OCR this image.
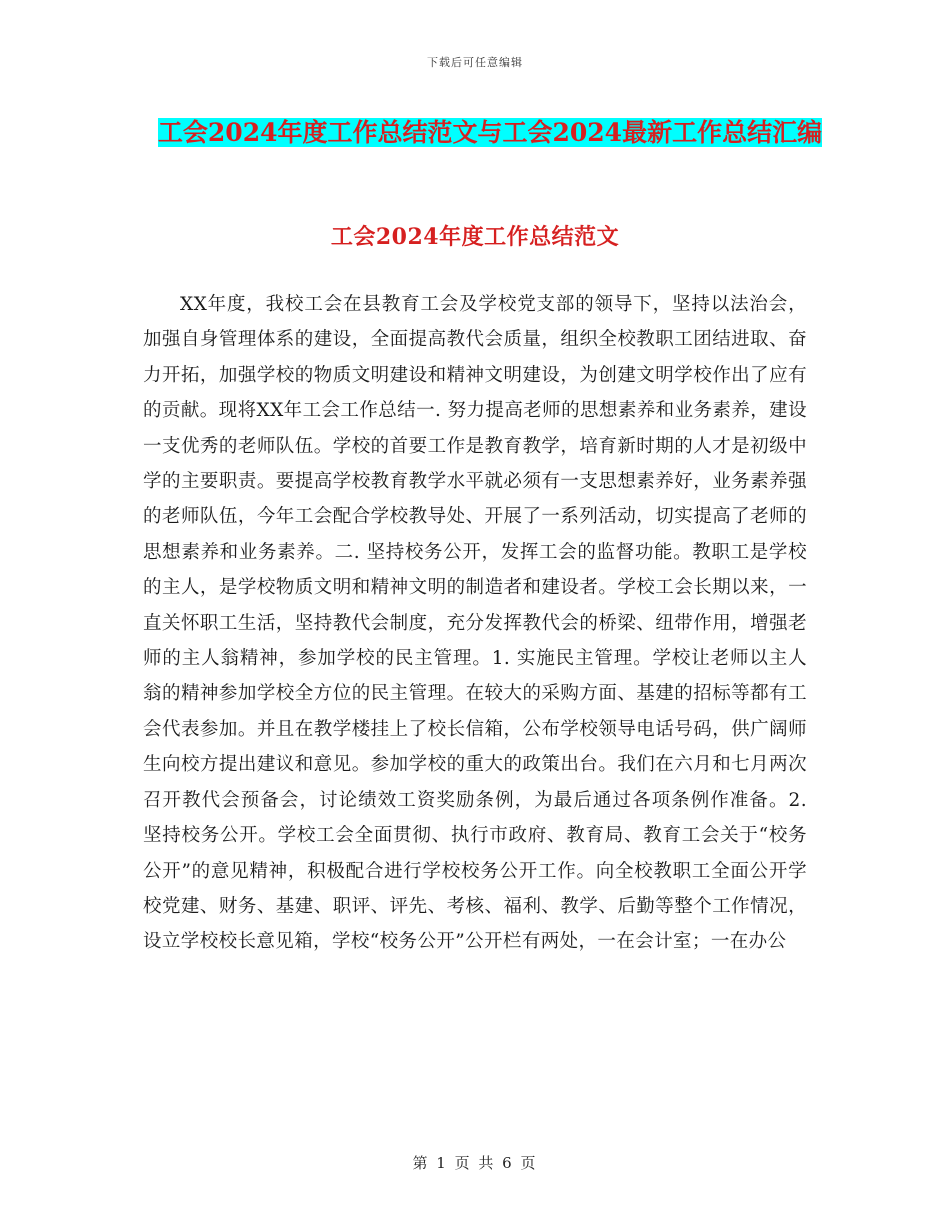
下载后可任意编辑
工会2024年度工作总结范文与工会2024最新工作总结汇编
工会2024年度工作总结范文
XX年度，我校工会在县教育工会及学校党支部的领导下，坚持以法治会，加强自身管理体系的建设，全面提高教代会质量，组织全校教职工团结进取、奋力开拓，加强学校的物质文明建设和精神文明建设，为创建文明学校作出了应有的贡献。现将XX年工会工作总结一. 努力提高老师的思想素养和业务素养，建设一支优秀的老师队伍。学校的首要工作是教育教学，培育新时期的人才是初级中学的主要职责。要提高学校教育教学水平就必须有一支思想素养好，业务素养强的老师队伍，今年工会配合学校教导处、开展了一系列活动，切实提高了老师的思想素养和业务素养。二. 坚持校务公开，发挥工会的监督功能。教职工是学校的主人，是学校物质文明和精神文明的制造者和建设者。学校工会长期以来，一直关怀职工生活，坚持教代会制度，充分发挥教代会的桥梁、纽带作用，增强老师的主人翁精神，参加学校的民主管理。1. 实施民主管理。学校让老师以主人翁的精神参加学校全方位的民主管理。在较大的采购方面、基建的招标等都有工会代表参加。并且在教学楼挂上了校长信箱，公布学校领导电话号码，供广阔师生向校方提出建议和意见。参加学校的重大的政策出台。我们在六月和七月两次召开教代会预备会，讨论绩效工资奖励条例，为最后通过各项条例作准备。2. 坚持校务公开。学校工会全面贯彻、执行市政府、教育局、教育工会关于“校务公开”的意见精神，积极配合进行学校校务公开工作。向全校教职工全面公开学校党建、财务、基建、职评、评先、考核、福利、教学、后勤等整个工作情况，设立学校校长意见箱，学校“校务公开”公开栏有两处，一在会计室；一在办公
第 1 页 共 6 页
